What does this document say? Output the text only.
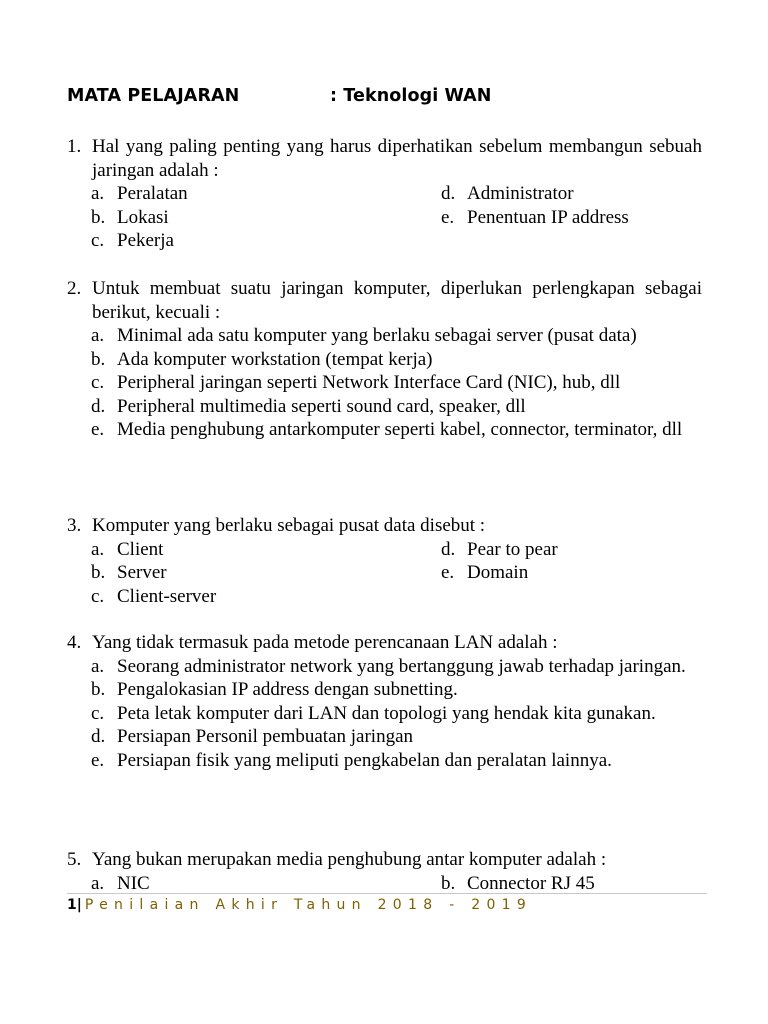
MATA PELAJARAN	: Teknologi WAN
1. Hal yang paling penting yang harus diperhatikan sebelum membangun sebuah jaringan adalah :
a. Peralatan	d. Administrator
b. Lokasi	e. Penentuan IP address
c. Pekerja
2. Untuk membuat suatu jaringan komputer, diperlukan perlengkapan sebagai berikut, kecuali :
a. Minimal ada satu komputer yang berlaku sebagai server (pusat data)
b. Ada komputer workstation (tempat kerja)
c. Peripheral jaringan seperti Network Interface Card (NIC), hub, dll
d. Peripheral multimedia seperti sound card, speaker, dll
e. Media penghubung antarkomputer seperti kabel, connector, terminator, dll
3. Komputer yang berlaku sebagai pusat data disebut :
a. Client	d. Pear to pear
b. Server	e. Domain
c. Client-server
4. Yang tidak termasuk pada metode perencanaan LAN adalah :
a. Seorang administrator network yang bertanggung jawab terhadap jaringan.
b. Pengalokasian IP address dengan subnetting.
c. Peta letak komputer dari LAN dan topologi yang hendak kita gunakan.
d. Persiapan Personil pembuatan jaringan
e. Persiapan fisik yang meliputi pengkabelan dan peralatan lainnya.
5. Yang bukan merupakan media penghubung antar komputer adalah :
a. NIC	b. Connector RJ 45
1| Penilaian Akhir Tahun 2018 - 2019
